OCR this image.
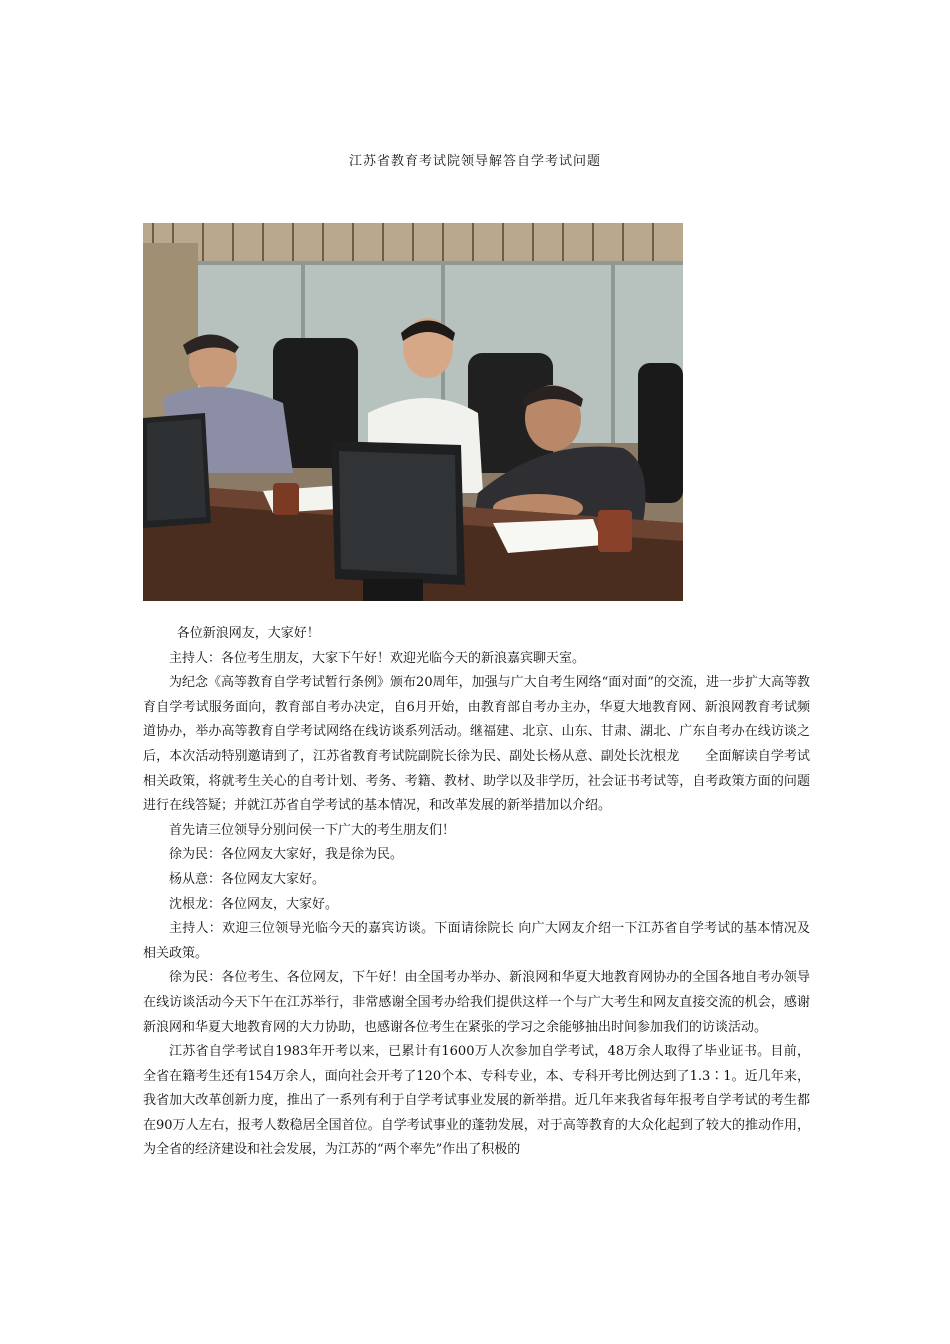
江苏省教育考试院领导解答自学考试问题

各位新浪网友，大家好！

主持人：各位考生朋友，大家下午好！欢迎光临今天的新浪嘉宾聊天室。

为纪念《高等教育自学考试暂行条例》颁布20周年，加强与广大自考生网络“面对面”的交流，进一步扩大高等教育自学考试服务面向，教育部自考办决定，自6月开始，由教育部自考办主办，华夏大地教育网、新浪网教育考试频道协办，举办高等教育自学考试网络在线访谈系列活动。继福建、北京、山东、甘肃、湖北、广东自考办在线访谈之后，本次活动特别邀请到了，江苏省教育考试院副院长徐为民、副处长杨从意、副处长沈根龙　　全面解读自学考试相关政策，将就考生关心的自考计划、考务、考籍、教材、助学以及非学历，社会证书考试等，自考政策方面的问题进行在线答疑；并就江苏省自学考试的基本情况，和改革发展的新举措加以介绍。

首先请三位领导分别问侯一下广大的考生朋友们！

徐为民：各位网友大家好，我是徐为民。

杨从意：各位网友大家好。

沈根龙：各位网友，大家好。

主持人：欢迎三位领导光临今天的嘉宾访谈。下面请徐院长 向广大网友介绍一下江苏省自学考试的基本情况及相关政策。

徐为民：各位考生、各位网友，下午好！由全国考办举办、新浪网和华夏大地教育网协办的全国各地自考办领导在线访谈活动今天下午在江苏举行，非常感谢全国考办给我们提供这样一个与广大考生和网友直接交流的机会，感谢新浪网和华夏大地教育网的大力协助，也感谢各位考生在紧张的学习之余能够抽出时间参加我们的访谈活动。

江苏省自学考试自1983年开考以来，已累计有1600万人次参加自学考试，48万余人取得了毕业证书。目前，全省在籍考生还有154万余人，面向社会开考了120个本、专科专业，本、专科开考比例达到了1.3∶1。近几年来，我省加大改革创新力度，推出了一系列有利于自学考试事业发展的新举措。近几年来我省每年报考自学考试的考生都在90万人左右，报考人数稳居全国首位。自学考试事业的蓬勃发展，对于高等教育的大众化起到了较大的推动作用，为全省的经济建设和社会发展，为江苏的“两个率先”作出了积极的
